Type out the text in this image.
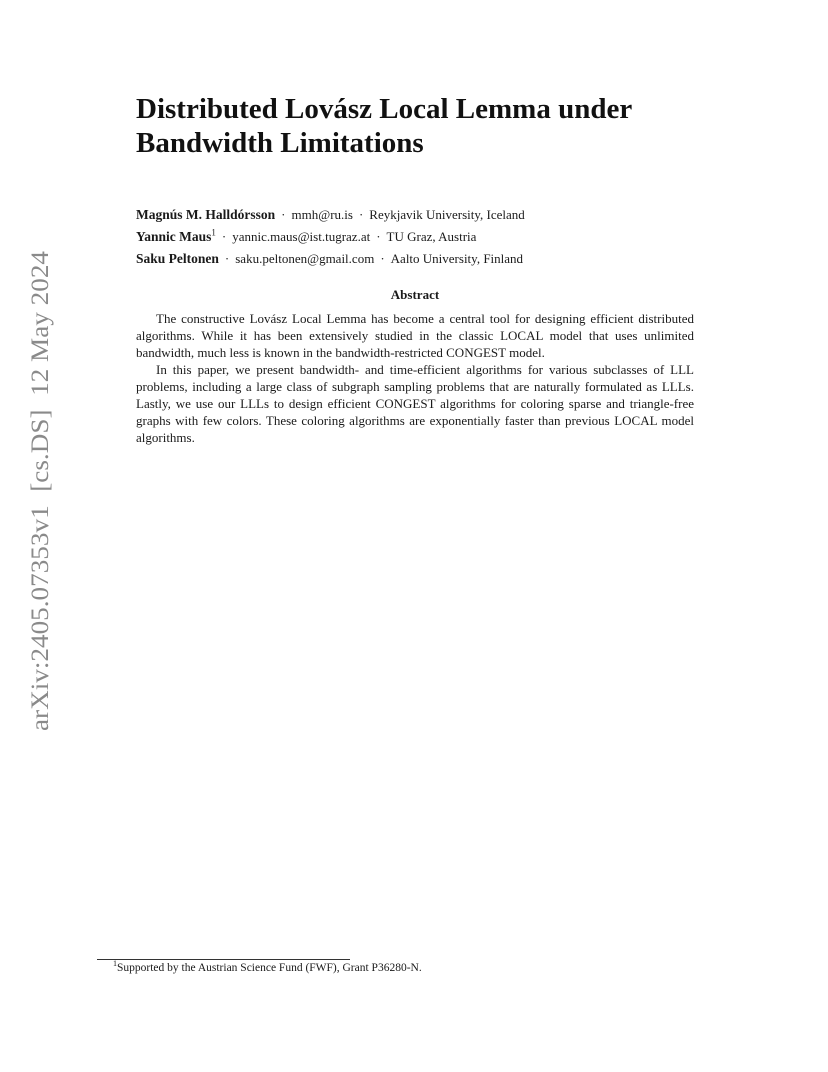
arXiv:2405.07353v1  [cs.DS]  12 May 2024
Distributed Lovász Local Lemma under Bandwidth Limitations
Magnús M. Halldórsson · mmh@ru.is · Reykjavik University, Iceland
Yannic Maus$^1$ · yannic.maus@ist.tugraz.at · TU Graz, Austria
Saku Peltonen · saku.peltonen@gmail.com · Aalto University, Finland
Abstract

The constructive Lovász Local Lemma has become a central tool for designing efficient distributed algorithms. While it has been extensively studied in the classic LOCAL model that uses unlimited bandwidth, much less is known in the bandwidth-restricted CONGEST model.

In this paper, we present bandwidth- and time-efficient algorithms for various subclasses of LLL problems, including a large class of subgraph sampling problems that are naturally formulated as LLLs. Lastly, we use our LLLs to design efficient CONGEST algorithms for coloring sparse and triangle-free graphs with few colors. These coloring algorithms are exponentially faster than previous LOCAL model algorithms.

$^1$Supported by the Austrian Science Fund (FWF), Grant P36280-N.
